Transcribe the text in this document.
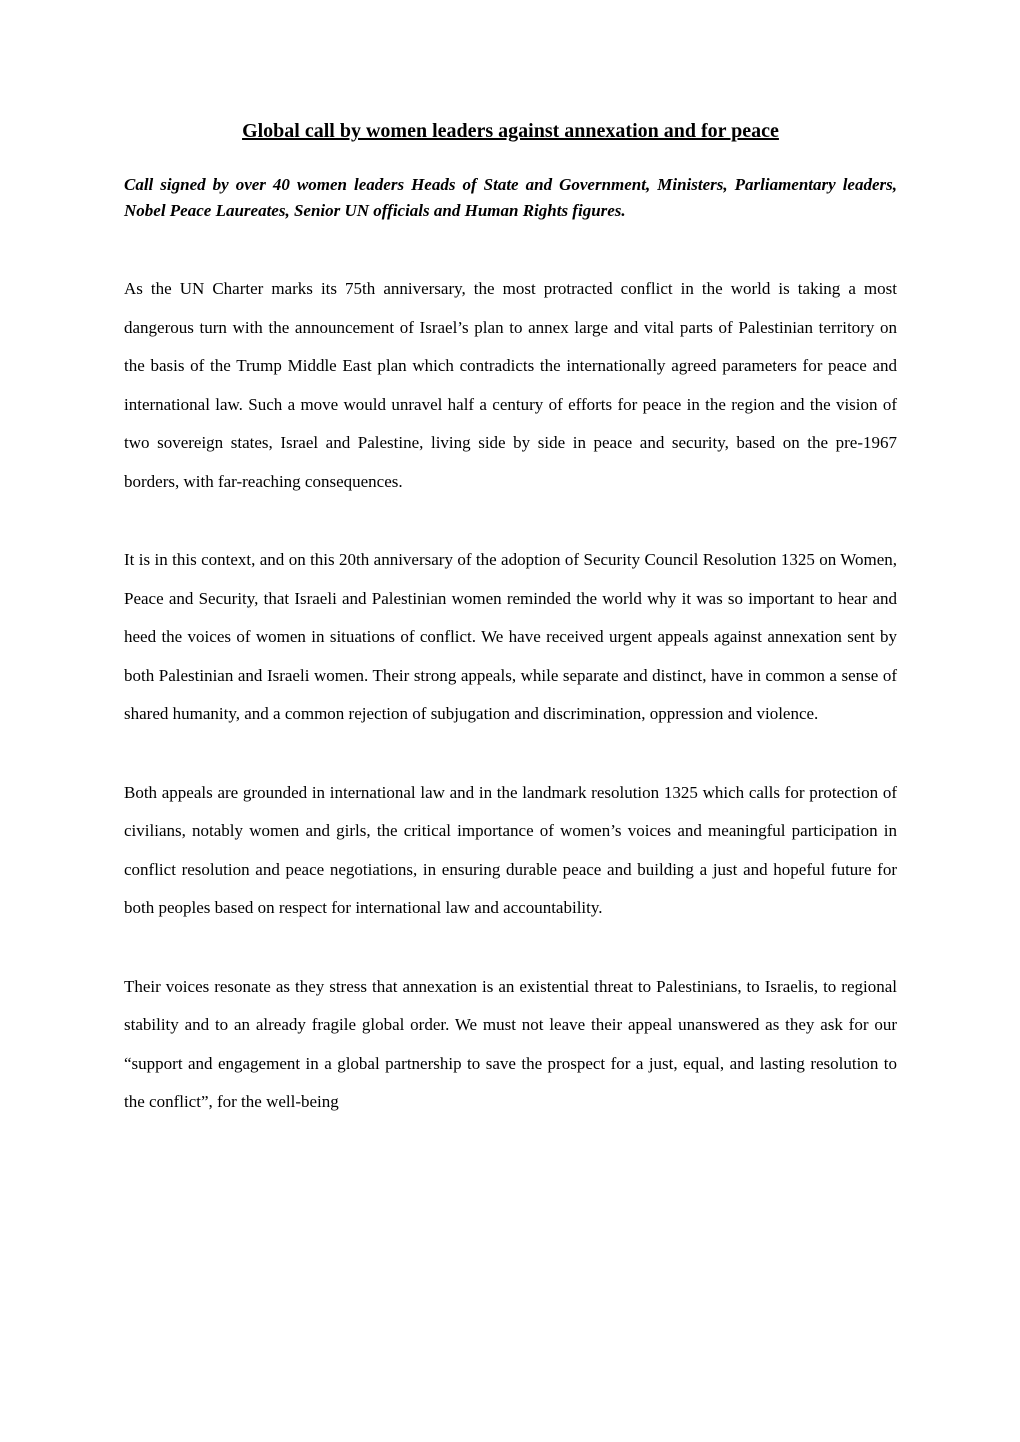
Global call by women leaders against annexation and for peace

Call signed by over 40 women leaders Heads of State and Government, Ministers, Parliamentary leaders, Nobel Peace Laureates, Senior UN officials and Human Rights figures.

As the UN Charter marks its 75th anniversary, the most protracted conflict in the world is taking a most dangerous turn with the announcement of Israel’s plan to annex large and vital parts of Palestinian territory on the basis of the Trump Middle East plan which contradicts the internationally agreed parameters for peace and international law. Such a move would unravel half a century of efforts for peace in the region and the vision of two sovereign states, Israel and Palestine, living side by side in peace and security, based on the pre-1967 borders, with far-reaching consequences.

It is in this context, and on this 20th anniversary of the adoption of Security Council Resolution 1325 on Women, Peace and Security, that Israeli and Palestinian women reminded the world why it was so important to hear and heed the voices of women in situations of conflict. We have received urgent appeals against annexation sent by both Palestinian and Israeli women. Their strong appeals, while separate and distinct, have in common a sense of shared humanity, and a common rejection of subjugation and discrimination, oppression and violence.

Both appeals are grounded in international law and in the landmark resolution 1325 which calls for protection of civilians, notably women and girls, the critical importance of women’s voices and meaningful participation in conflict resolution and peace negotiations, in ensuring durable peace and building a just and hopeful future for both peoples based on respect for international law and accountability.

Their voices resonate as they stress that annexation is an existential threat to Palestinians, to Israelis, to regional stability and to an already fragile global order. We must not leave their appeal unanswered as they ask for our “support and engagement in a global partnership to save the prospect for a just, equal, and lasting resolution to the conflict”, for the well-being
